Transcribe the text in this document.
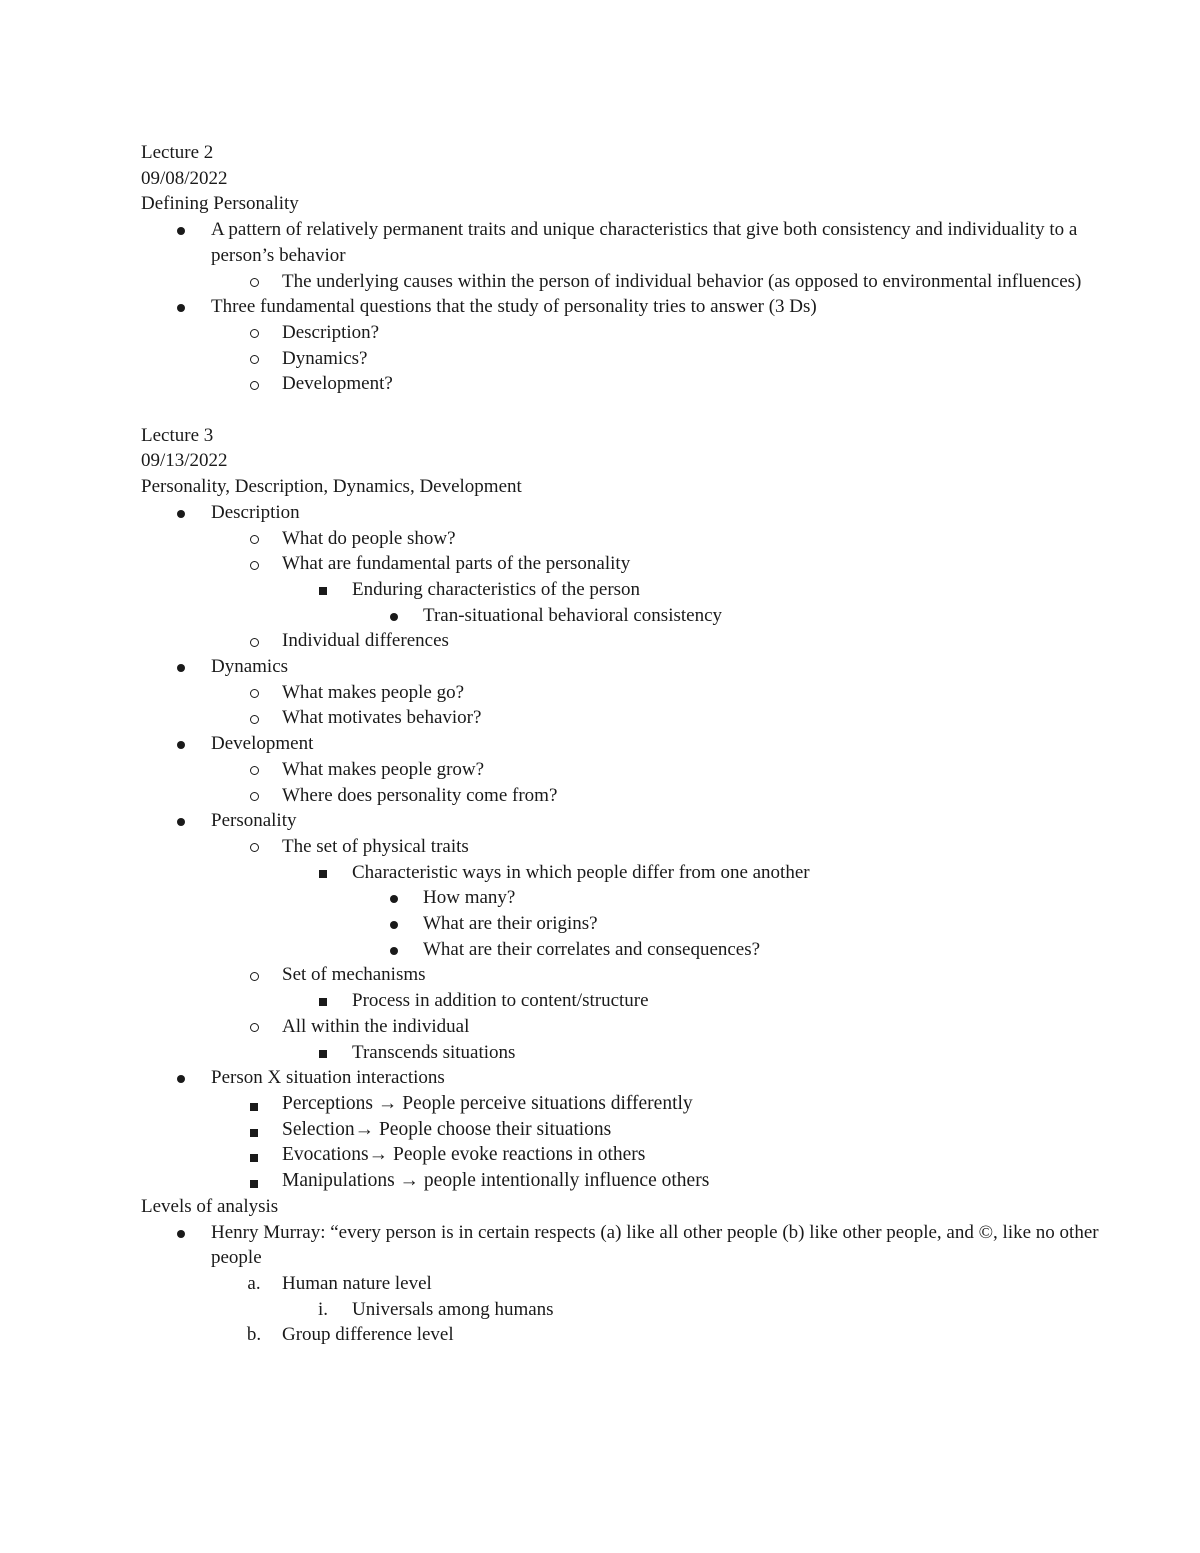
Lecture 2
09/08/2022
Defining Personality
A pattern of relatively permanent traits and unique characteristics that give both consistency and individuality to a person’s behavior
The underlying causes within the person of individual behavior (as opposed to environmental influences)
Three fundamental questions that the study of personality tries to answer (3 Ds)
Description?
Dynamics?
Development?
Lecture 3
09/13/2022
Personality, Description, Dynamics, Development
Description
What do people show?
What are fundamental parts of the personality
Enduring characteristics of the person
Tran-situational behavioral consistency
Individual differences
Dynamics
What makes people go?
What motivates behavior?
Development
What makes people grow?
Where does personality come from?
Personality
The set of physical traits
Characteristic ways in which people differ from one another
How many?
What are their origins?
What are their correlates and consequences?
Set of mechanisms
Process in addition to content/structure
All within the individual
Transcends situations
Person X situation interactions
Perceptions → People perceive situations differently
Selection→ People choose their situations
Evocations→ People evoke reactions in others
Manipulations → people intentionally influence others
Levels of analysis
Henry Murray: “every person is in certain respects (a) like all other people (b) like other people, and ©, like no other people
a. Human nature level
i. Universals among humans
b. Group difference level
